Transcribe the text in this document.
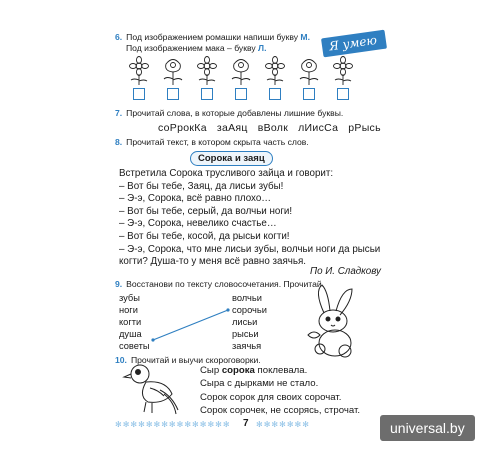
Я умею
6. Под изображением ромашки напиши букву М.
Под изображением мака – букву Л.
7. Прочитай слова, в которые добавлены лишние буквы.
соРрокКа заАяц вВолк лИисСа рРысь
8. Прочитай текст, в котором скрыта часть слов.
Сорока и заяц
Встретила Сорока трусливого зайца и говорит:
– Вот бы тебе, Заяц, да лисьи зубы!
– Э-э, Сорока, всё равно плохо…
– Вот бы тебе, серый, да волчьи ноги!
– Э-э, Сорока, невелико счастье…
– Вот бы тебе, косой, да рысьи когти!
– Э-э, Сорока, что мне лисьи зубы, волчьи ноги да рысьи
когти? Душа-то у меня всё равно заячья.
По И. Сладкову
9. Восстанови по тексту словосочетания. Прочитай.
зубы
ноги
когти
душа
советы
волчьи
сорочьи
лисьи
рысьи
заячья
10. Прочитай и выучи скороговорки.
Сыр сорока поклевала.
Сыра с дырками не стало.
Сорок сорок для своих сорочат.
Сорок сорочек, не ссорясь, строчат.
✻✻✻✻✻✻✻✻✻✻✻✻✻✻✻ 7 ✻✻✻✻✻✻✻	universal.by
